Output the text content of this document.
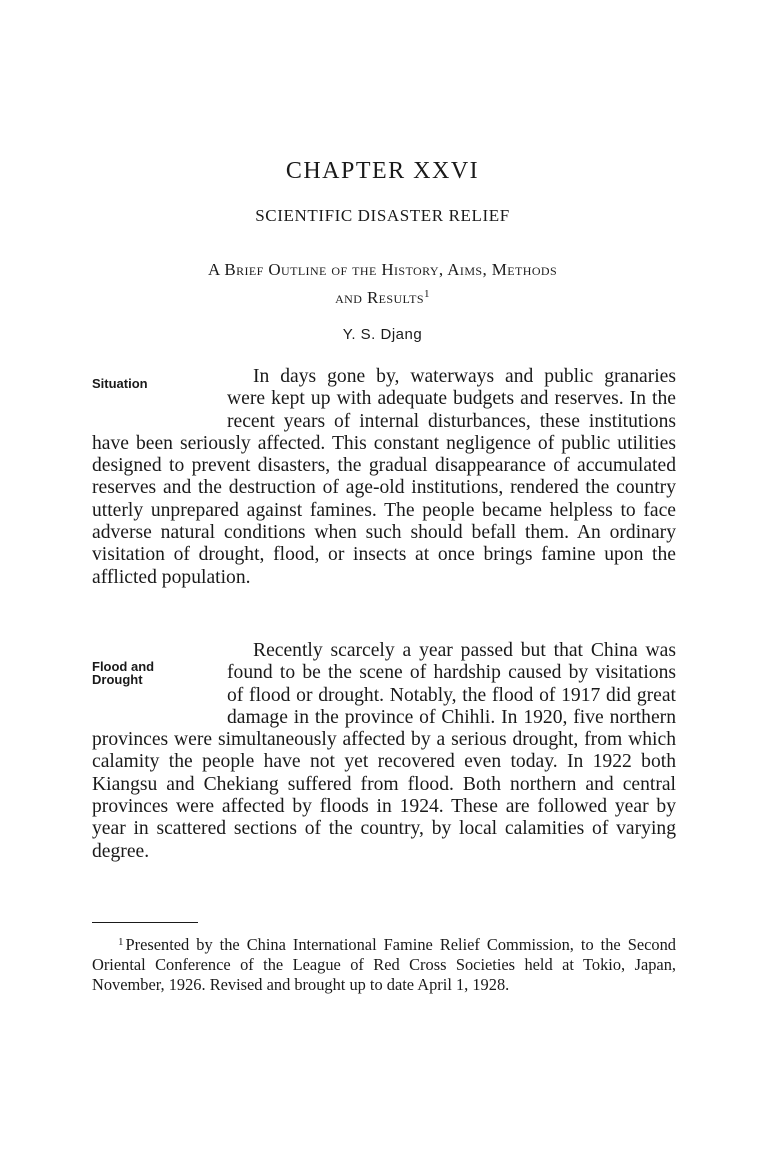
CHAPTER XXVI
SCIENTIFIC DISASTER RELIEF
A Brief Outline of the History, Aims, Methods
and Results$^1$
Y. S. Djang
Situation	In days gone by, waterways and public granaries were kept up with adequate budgets and reserves. In the recent years of internal disturbances, these institutions have been seriously affected. This constant negligence of public utilities designed to prevent disasters, the gradual disappearance of accumulated reserves and the destruction of age-old institutions, rendered the country utterly unprepared against famines. The people became helpless to face adverse natural conditions when such should befall them. An ordinary visitation of drought, flood, or insects at once brings famine upon the afflicted population.
Flood and
Drought
Recently scarcely a year passed but that China was found to be the scene of hardship caused by visitations of flood or drought. Notably, the flood of 1917 did great damage in the province of Chihli. In 1920, five northern provinces were simultaneously affected by a serious drought, from which calamity the people have not yet recovered even today. In 1922 both Kiangsu and Chekiang suffered from flood. Both northern and central provinces were affected by floods in 1924. These are followed year by year in scattered sections of the country, by local calamities of varying degree.
$^1$ Presented by the China International Famine Relief Commission, to the Second Oriental Conference of the League of Red Cross Societies held at Tokio, Japan, November, 1926. Revised and brought up to date April 1, 1928.
